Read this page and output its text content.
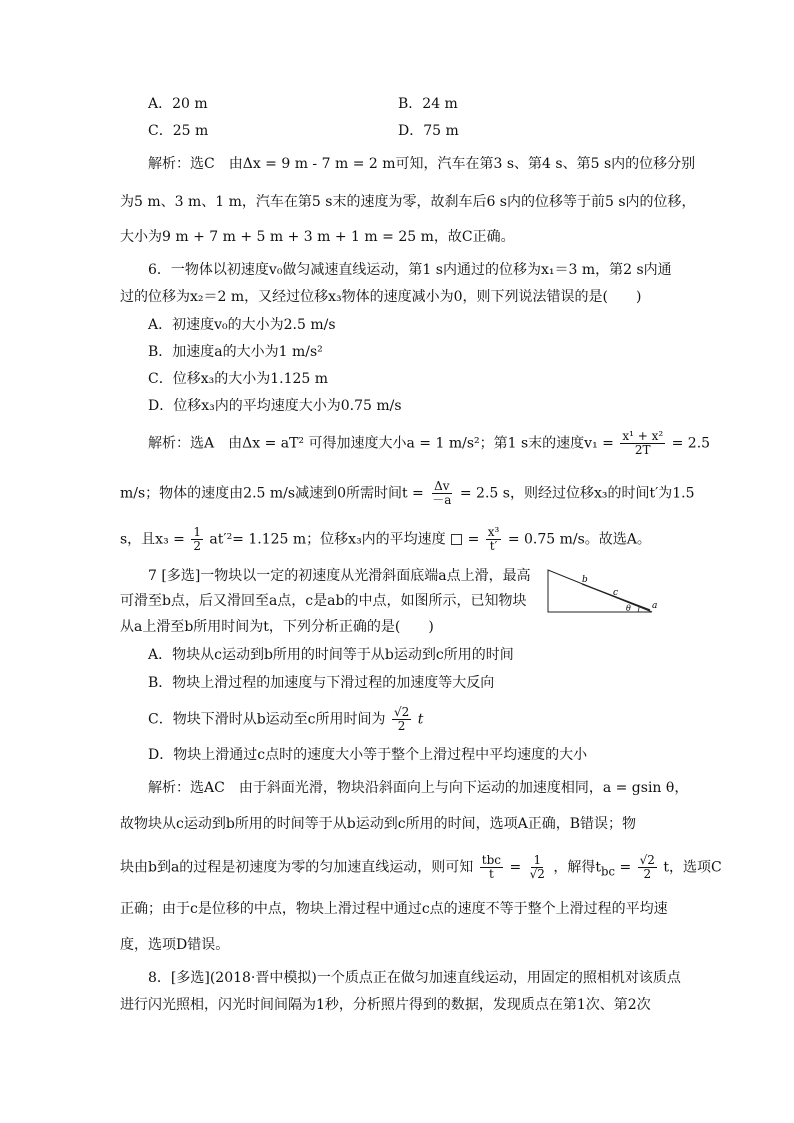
A．20 m	B．24 m
C．25 m	D．75 m
解析：选C　由Δx = 9 m - 7 m = 2 m可知，汽车在第3 s、第4 s、第5 s内的位移分别
为5 m、3 m、1 m，汽车在第5 s末的速度为零，故刹车后6 s内的位移等于前5 s内的位移，
大小为9 m + 7 m + 5 m + 3 m + 1 m = 25 m，故C正确。
6．一物体以初速度v₀做匀减速直线运动，第1 s内通过的位移为x₁＝3 m，第2 s内通
过的位移为x₂＝2 m，又经过位移x₃物体的速度减小为0，则下列说法错误的是(　　)
A．初速度v₀的大小为2.5 m/s
B．加速度a的大小为1 m/s²
C．位移x₃的大小为1.125 m
D．位移x₃内的平均速度大小为0.75 m/s
解析：选A　由Δx = aT² 可得加速度大小a = 1 m/s²；第1 s末的速度$v_1 = \frac{\text{x¹ + x²}}{2T} = 2.5$
m/s；物体的速度由2.5 m/s减速到0所需时间$t = \frac{\Delta v}{-a} = 2.5$ s，则经过位移x₃的时间t′为1.5
s，且$x_3 = \frac{1}{2} at'^2= 1.125$ m；位移x₃内的平均速度 = $\frac{\text{x³}}{t'} = 0.75$ m/s。故选A。
7 [多选]一物块以一定的初速度从光滑斜面底端a点上滑，最高
可滑至b点，后又滑回至a点，c是ab的中点，如图所示，已知物块
从a上滑至b所用时间为t，下列分析正确的是(　　)
b
c
θ a
A．物块从c运动到b所用的时间等于从b运动到c所用的时间
B．物块上滑过程的加速度与下滑过程的加速度等大反向
C．物块下滑时从b运动至c所用时间为 $\frac{√2}{2}$ t
D．物块上滑通过c点时的速度大小等于整个上滑过程中平均速度的大小
解析：选AC　由于斜面光滑，物块沿斜面向上与向下运动的加速度相同，a = gsin θ，
故物块从c运动到b所用的时间等于从b运动到c所用的时间，选项A正确，B错误；物
块由b到a的过程是初速度为零的匀加速直线运动，则可知 $\frac{\text{tbc}}{t} = \frac{1}{√2}$ ，解得$t_{bc} = \frac{√2}{2}$ t，选项C
正确；由于c是位移的中点，物块上滑过程中通过c点的速度不等于整个上滑过程的平均速
度，选项D错误。
8．[多选](2018·晋中模拟)一个质点正在做匀加速直线运动，用固定的照相机对该质点
进行闪光照相，闪光时间间隔为1秒，分析照片得到的数据，发现质点在第1次、第2次
